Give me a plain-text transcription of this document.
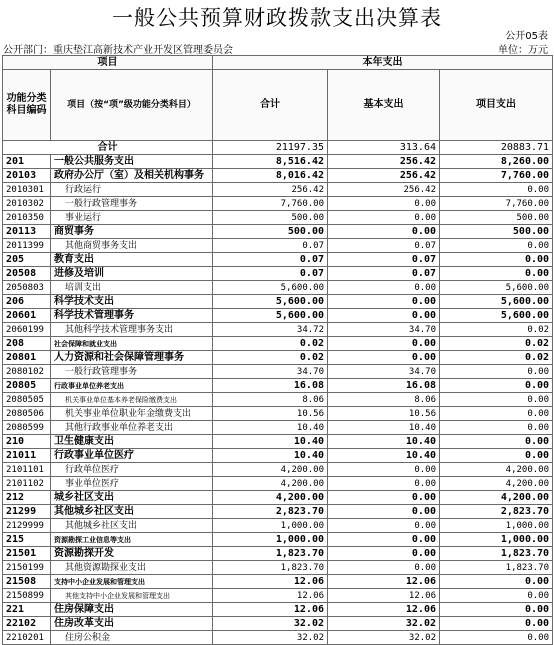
一般公共预算财政拨款支出决算表
公开05表
公开部门：重庆垫江高新技术产业开发区管理委员会	单位：万元
项目		本年支出		
功能分类科目编码	项目（按“项”级功能分类科目）	合计	基本支出	项目支出
合计		21197.35	313.64	20883.71
201	一般公共服务支出	8,516.42	256.42	8,260.00
20103	政府办公厅（室）及相关机构事务	8,016.42	256.42	7,760.00
2010301	行政运行	256.42	256.42	0.00
2010302	一般行政管理事务	7,760.00	0.00	7,760.00
2010350	事业运行	500.00	0.00	500.00
20113	商贸事务	500.00	0.00	500.00
2011399	其他商贸事务支出	0.07	0.07	0.00
205	教育支出	0.07	0.07	0.00
20508	进修及培训	0.07	0.07	0.00
2050803	培训支出	5,600.00	0.00	5,600.00
206	科学技术支出	5,600.00	0.00	5,600.00
20601	科学技术管理事务	5,600.00	0.00	5,600.00
2060199	其他科学技术管理事务支出	34.72	34.70	0.02
208	社会保障和就业支出	0.02	0.00	0.02
20801	人力资源和社会保障管理事务	0.02	0.00	0.02
2080102	一般行政管理事务	34.70	34.70	0.00
20805	行政事业单位养老支出	16.08	16.08	0.00
2080505	机关事业单位基本养老保险缴费支出	8.06	8.06	0.00
2080506	机关事业单位职业年金缴费支出	10.56	10.56	0.00
2080599	其他行政事业单位养老支出	10.40	10.40	0.00
210	卫生健康支出	10.40	10.40	0.00
21011	行政事业单位医疗	10.40	10.40	0.00
2101101	行政单位医疗	4,200.00	0.00	4,200.00
2101102	事业单位医疗	4,200.00	0.00	4,200.00
212	城乡社区支出	4,200.00	0.00	4,200.00
21299	其他城乡社区支出	2,823.70	0.00	2,823.70
2129999	其他城乡社区支出	1,000.00	0.00	1,000.00
215	资源勘探工业信息等支出	1,000.00	0.00	1,000.00
21501	资源勘探开发	1,823.70	0.00	1,823.70
2150199	其他资源勘探业支出	1,823.70	0.00	1,823.70
21508	支持中小企业发展和管理支出	12.06	12.06	0.00
2150899	其他支持中小企业发展和管理支出	12.06	12.06	0.00
221	住房保障支出	12.06	12.06	0.00
22102	住房改革支出	32.02	32.02	0.00
2210201	住房公积金	32.02	32.02	0.00
